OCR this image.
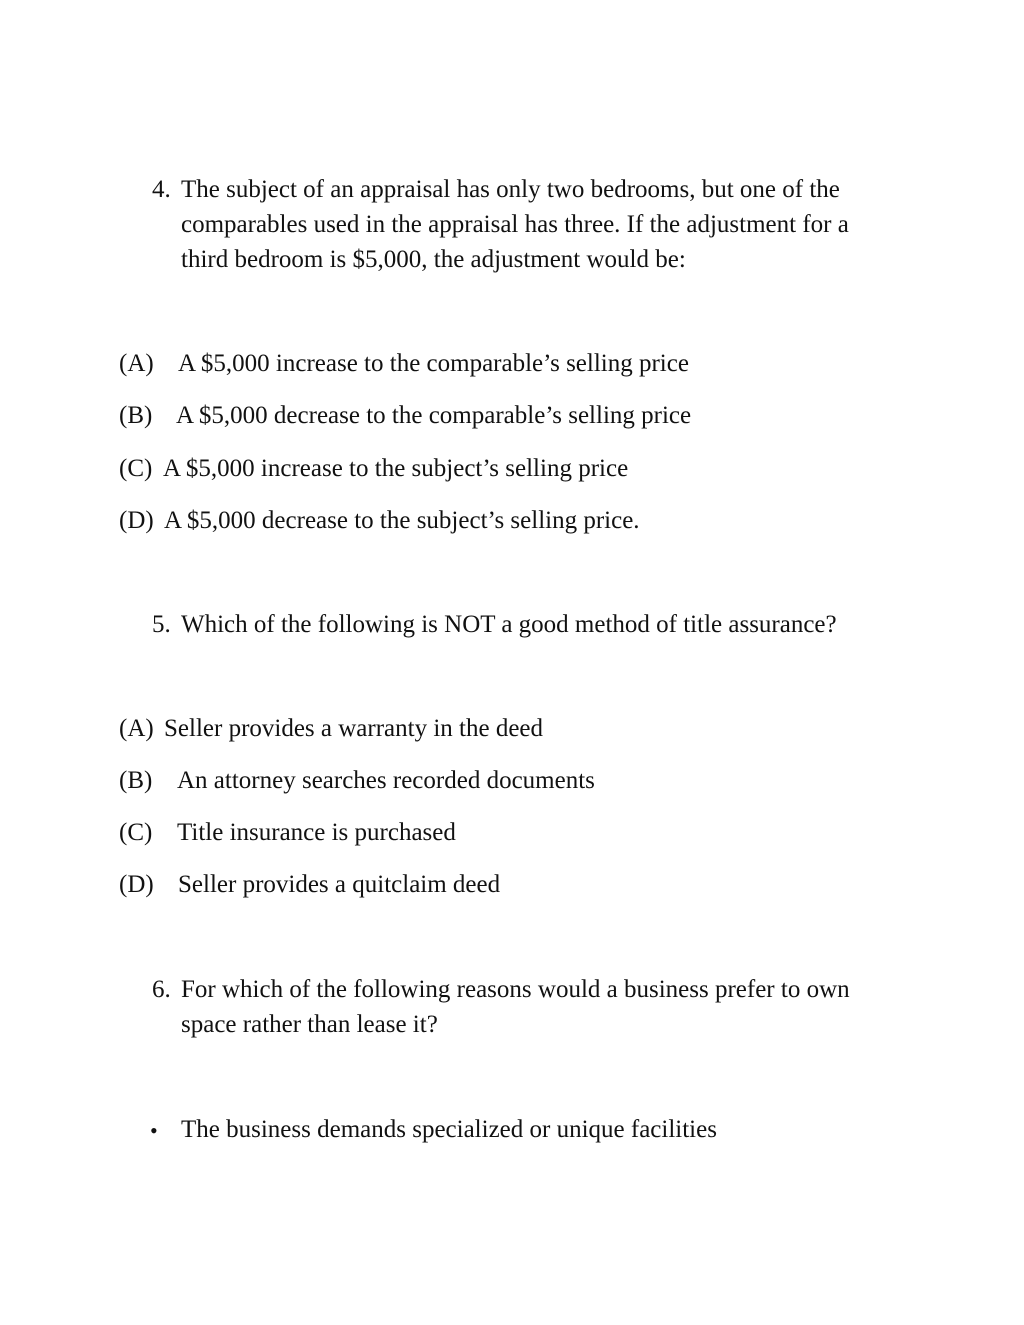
4. The subject of an appraisal has only two bedrooms, but one of the
comparables used in the appraisal has three. If the adjustment for a
third bedroom is $5,000, the adjustment would be:
(A) A $5,000 increase to the comparable’s selling price
(B) A $5,000 decrease to the comparable’s selling price
(C) A $5,000 increase to the subject’s selling price
(D) A $5,000 decrease to the subject’s selling price.
5. Which of the following is NOT a good method of title assurance?
(A) Seller provides a warranty in the deed
(B) An attorney searches recorded documents
(C) Title insurance is purchased
(D) Seller provides a quitclaim deed
6. For which of the following reasons would a business prefer to own
space rather than lease it?
• The business demands specialized or unique facilities
